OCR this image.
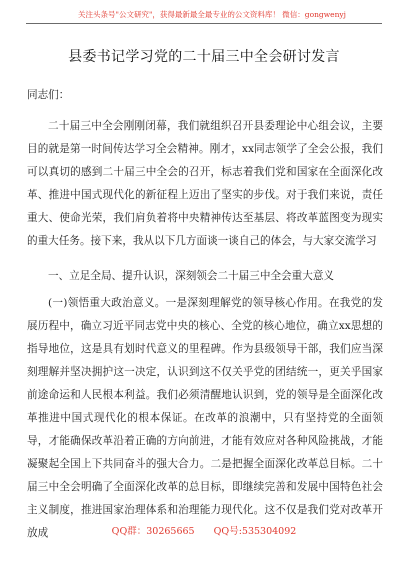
关注头条号"公文研究"，获得最新最全最专业的公文资料库！ 微信：gongwenyj
县委书记学习党的二十届三中全会研讨发言
同志们：
二十届三中全会刚刚闭幕，我们就组织召开县委理论中心组会议，主要目的就是第一时间传达学习全会精神。刚才，xx同志领学了全会公报，我们可以真切的感到二十届三中全会的召开，标志着我们党和国家在全面深化改革、推进中国式现代化的新征程上迈出了坚实的步伐。对于我们来说，责任重大、使命光荣，我们肩负着将中央精神传达至基层、将改革蓝图变为现实的重大任务。接下来，我从以下几方面谈一谈自己的体会，与大家交流学习
一、立足全局、提升认识，深刻领会二十届三中全会重大意义
(一)领悟重大政治意义。一是深刻理解党的领导核心作用。在我党的发展历程中，确立习近平同志党中央的核心、全党的核心地位，确立xx思想的指导地位，这是具有划时代意义的里程碑。作为县级领导干部，我们应当深刻理解并坚决拥护这一决定，认识到这不仅关乎党的团结统一，更关乎国家前途命运和人民根本利益。我们必须清醒地认识到，党的领导是全面深化改革推进中国式现代化的根本保证。在改革的浪潮中，只有坚持党的全面领导，才能确保改革沿着正确的方向前进，才能有效应对各种风险挑战，才能凝聚起全国上下共同奋斗的强大合力。二是把握全面深化改革总目标。二十届三中全会明确了全面深化改革的总目标，即继续完善和发展中国特色社会主义制度，推进国家治理体系和治理能力现代化。这不仅是我们党对改革开放成	QQ群：30265665 QQ号:535304092
